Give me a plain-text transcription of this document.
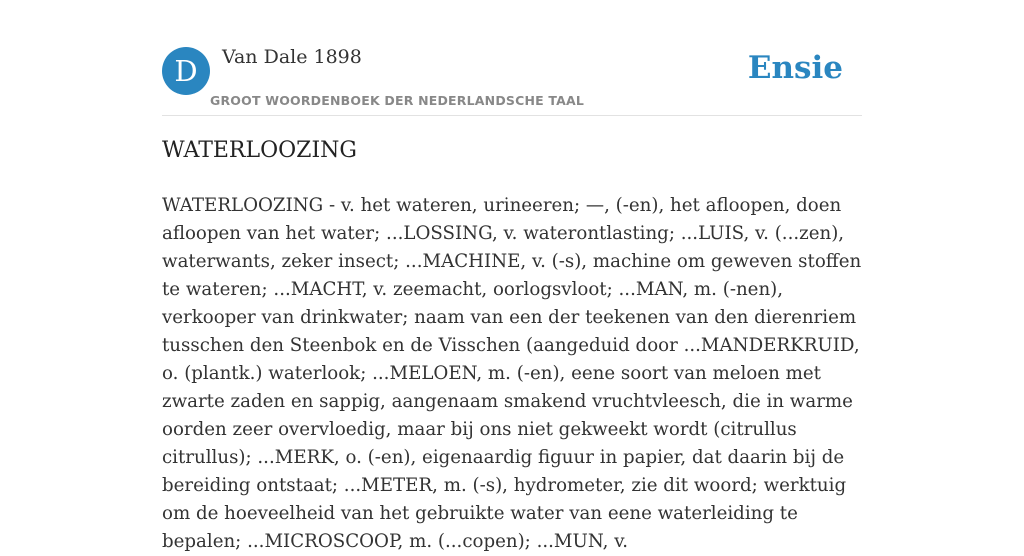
D	Van Dale 1898
GROOT WOORDENBOEK DER NEDERLANDSCHE TAAL
Ensie
WATERLOOZING

WATERLOOZING - v. het wateren, urineeren; —, (-en), het afloopen, doen afloopen van het water; ...LOSSING, v. waterontlasting; ...LUIS, v. (...zen), waterwants, zeker insect; ...MACHINE, v. (-s), machine om geweven stoffen te wateren; ...MACHT, v. zeemacht, oorlogsvloot; ...MAN, m. (-nen), verkooper van drinkwater; naam van een der teekenen van den dierenriem tusschen den Steenbok en de Visschen (aangeduid door ...MANDERKRUID, o. (plantk.) waterlook; ...MELOEN, m. (-en), eene soort van meloen met zwarte zaden en sappig, aangenaam smakend vruchtvleesch, die in warme oorden zeer overvloedig, maar bij ons niet gekweekt wordt (citrullus citrullus); ...MERK, o. (-en), eigenaardig figuur in papier, dat daarin bij de bereiding ontstaat; ...METER, m. (-s), hydrometer, zie dit woord; werktuig om de hoeveelheid van het gebruikte water van eene waterleiding te bepalen; ...MICROSCOOP, m. (...copen); ...MUN, v.
